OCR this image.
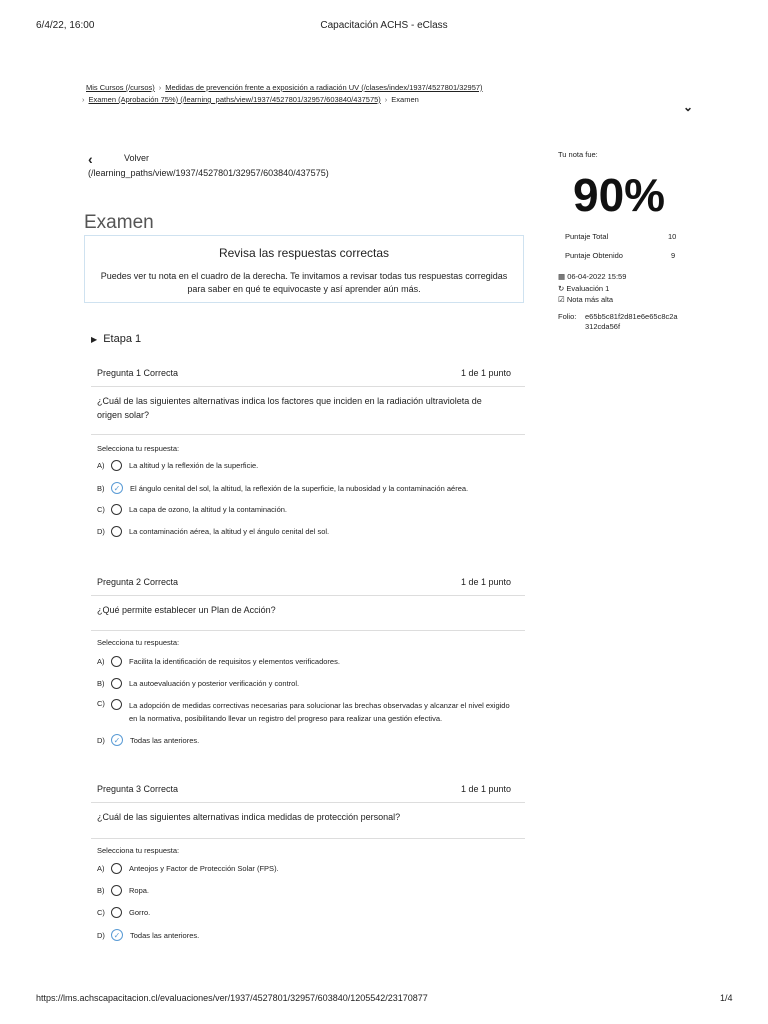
6/4/22, 16:00	Capacitación ACHS - eClass
Mis Cursos (/cursos) › Medidas de prevención frente a exposición a radiación UV (/clases/index/1937/4527801/32957)
› Examen (Aprobación 75%) (/learning_paths/view/1937/4527801/32957/603840/437575) › Examen
⌄
‹	Volver
(/learning_paths/view/1937/4527801/32957/603840/437575)
Examen
Revisa las respuestas correctas
Puedes ver tu nota en el cuadro de la derecha. Te invitamos a revisar todas tus respuestas corregidas para saber en qué te equivocaste y así aprender aún más.
▶ Etapa 1
Pregunta 1 Correcta	1 de 1 punto
¿Cuál de las siguientes alternativas indica los factores que inciden en la radiación ultravioleta de origen solar?
Selecciona tu respuesta:
A)	La altitud y la reflexión de la superficie.
B)	✓	El ángulo cenital del sol, la altitud, la reflexión de la superficie, la nubosidad y la contaminación aérea.
C)	La capa de ozono, la altitud y la contaminación.
D)	La contaminación aérea, la altitud y el ángulo cenital del sol.
Pregunta 2 Correcta	1 de 1 punto
¿Qué permite establecer un Plan de Acción?
Selecciona tu respuesta:
A)	Facilita la identificación de requisitos y elementos verificadores.
B)	La autoevaluación y posterior verificación y control.
C)	La adopción de medidas correctivas necesarias para solucionar las brechas observadas y alcanzar el nivel exigido en la normativa, posibilitando llevar un registro del progreso para realizar una gestión efectiva.
D)	✓	Todas las anteriores.
Pregunta 3 Correcta	1 de 1 punto
¿Cuál de las siguientes alternativas indica medidas de protección personal?
Selecciona tu respuesta:
A)	Anteojos y Factor de Protección Solar (FPS).
B)	Ropa.
C)	Gorro.
D)	✓	Todas las anteriores.
Tu nota fue:
90%
Puntaje Total	10
Puntaje Obtenido	9
▦ 06-04-2022 15:59
↻ Evaluación 1
☑ Nota más alta
Folio: e65b5c81f2d81e6e65c8c2a
312cda56f
https://lms.achscapacitacion.cl/evaluaciones/ver/1937/4527801/32957/603840/1205542/23170877	1/4
